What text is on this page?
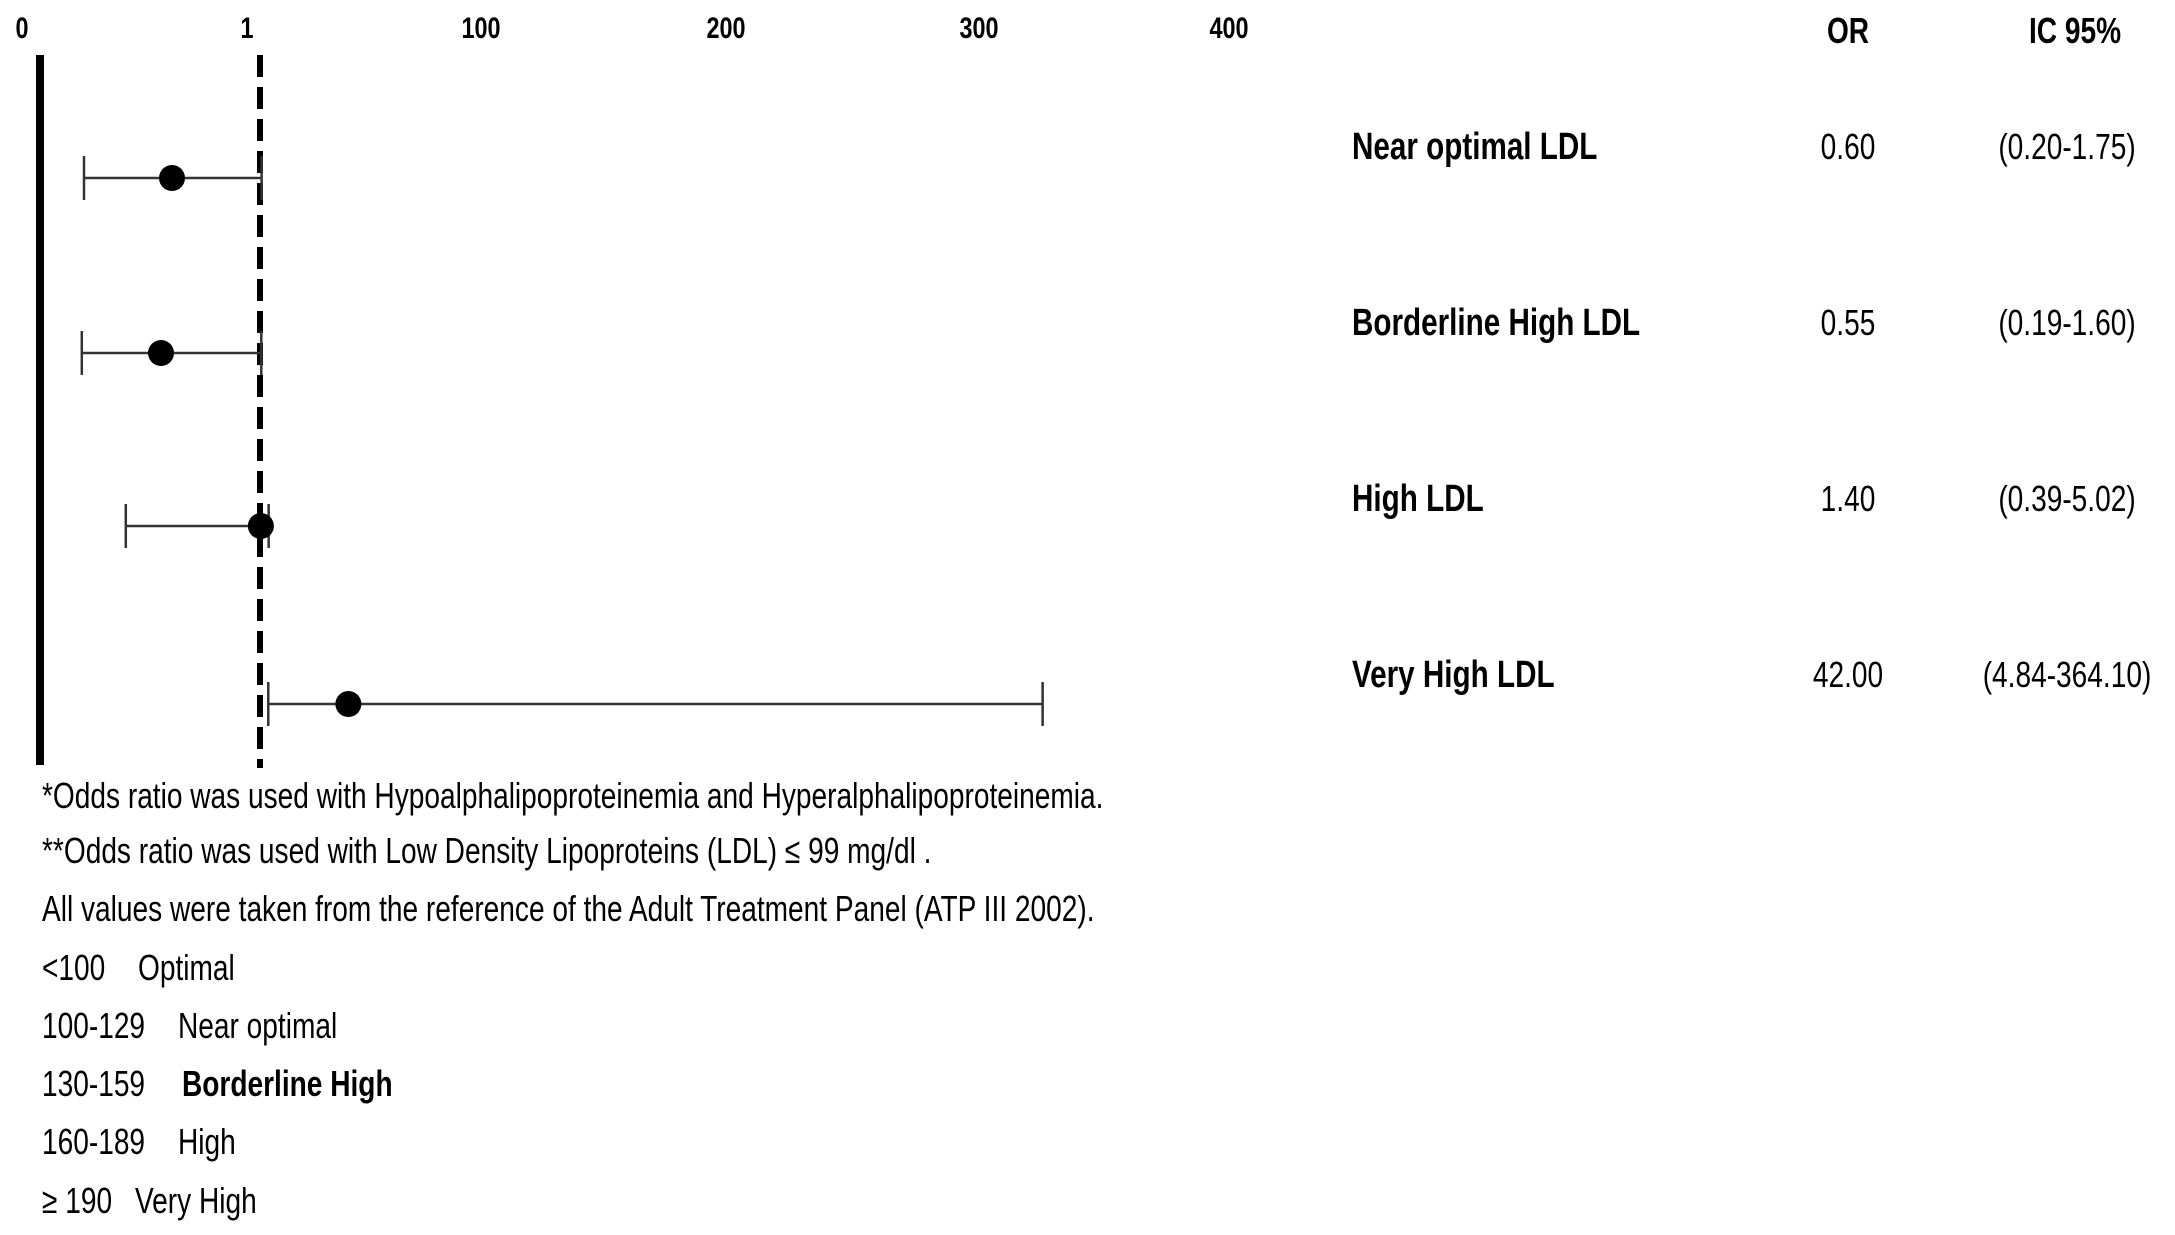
0	1	100	200	300	400	OR	IC 95%
Near optimal LDL	0.60	(0.20-1.75)
Borderline High LDL	0.55	(0.19-1.60)
High LDL	1.40	(0.39-5.02)
Very High LDL	42.00	(4.84-364.10)
*Odds ratio was used with Hypoalphalipoproteinemia and Hyperalphalipoproteinemia.
**Odds ratio was used with Low Density Lipoproteins (LDL) ≤ 99 mg/dl .
All values were taken from the reference of the Adult Treatment Panel (ATP III 2002).
<100 Optimal
100-129 Near optimal
130-159 Borderline High
160-189 High
≥ 190 Very High
